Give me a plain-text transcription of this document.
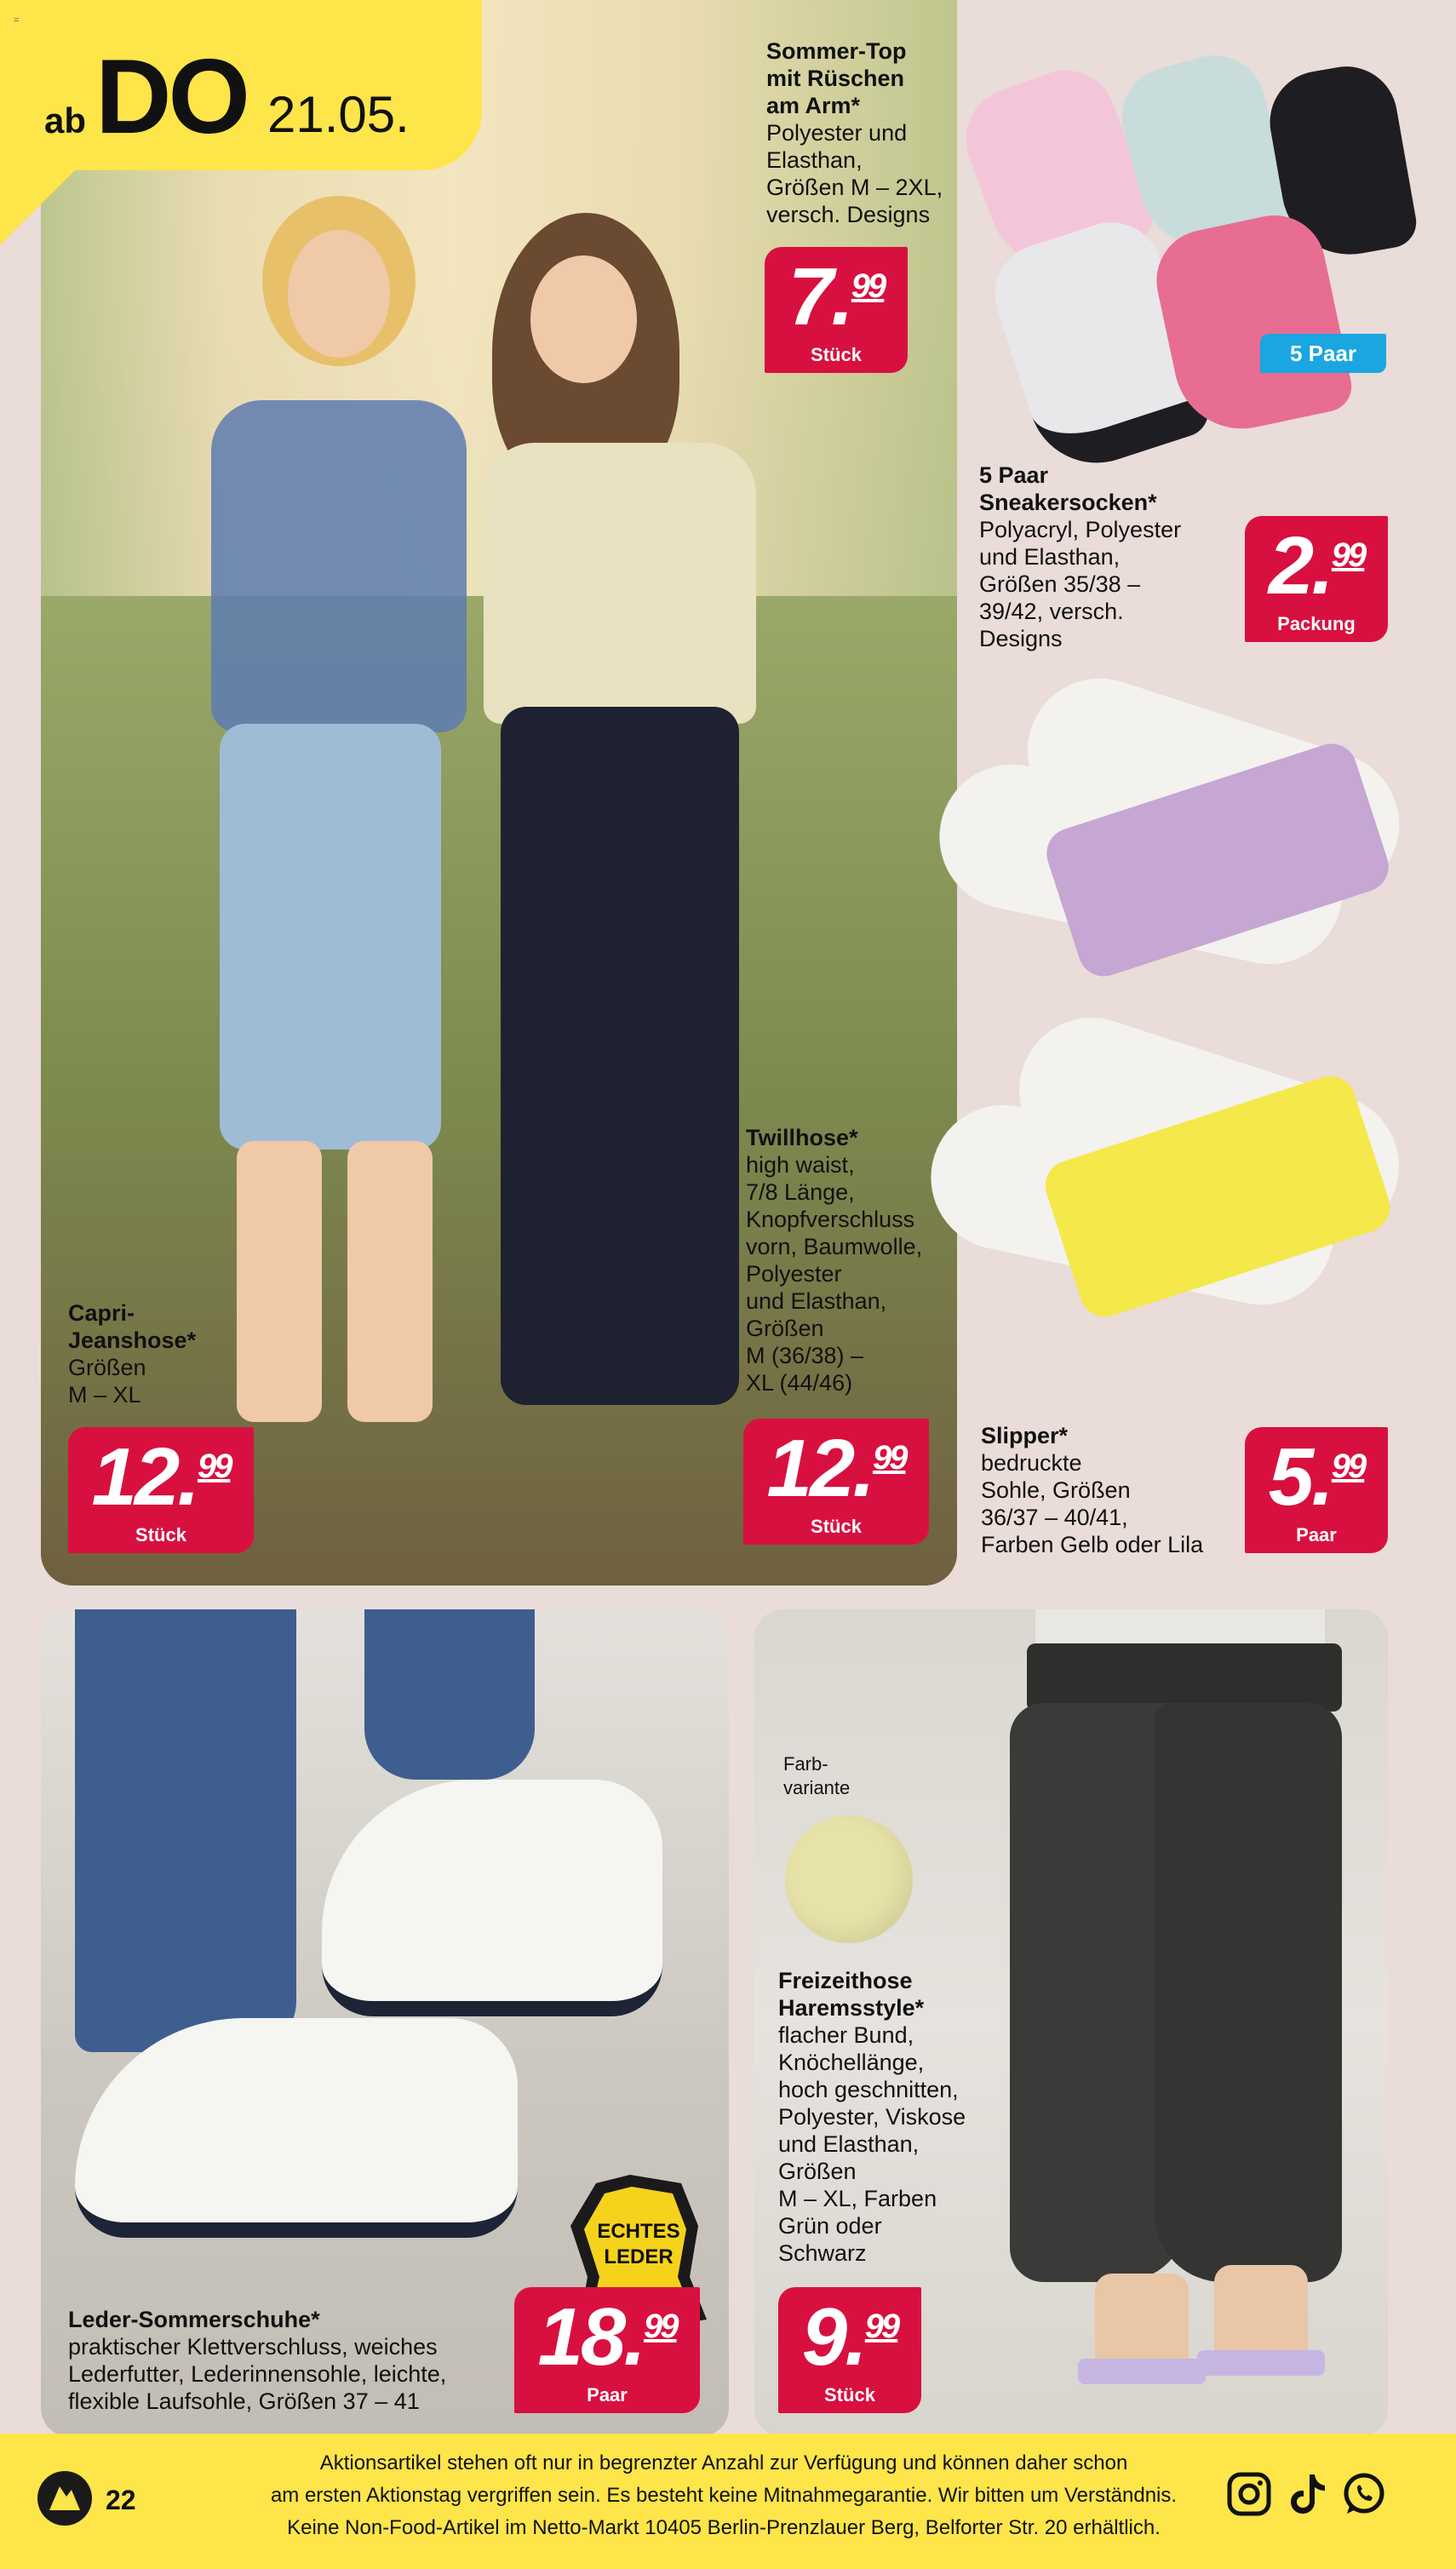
5 Paar
=
ab DO 21.05.
Sommer-Top
mit Rüschen
am Arm*
Polyester und
Elasthan,
Größen M – 2XL,
versch. Designs
7.99
Stück
5 Paar
Sneakersocken*
Polyacryl, Polyester
und Elasthan,
Größen 35/38 –
39/42, versch.
Designs
2.99
Packung
Twillhose*
high waist,
7/8 Länge,
Knopfverschluss
vorn, Baumwolle,
Polyester
und Elasthan,
Größen
M (36/38) –
XL (44/46)
12.99
Stück
Capri-
Jeanshose*
Größen
M – XL
12.99
Stück
Slipper*
bedruckte
Sohle, Größen
36/37 – 40/41,
Farben Gelb oder Lila
5.99
Paar
ECHTES
LEDER
Leder-Sommerschuhe*
praktischer Klettverschluss, weiches
Lederfutter, Lederinnensohle, leichte,
flexible Laufsohle, Größen 37 – 41
18.99
Paar
Farb-
variante
Freizeithose
Haremsstyle*
flacher Bund,
Knöchellänge,
hoch geschnitten,
Polyester, Viskose
und Elasthan,
Größen
M – XL, Farben
Grün oder
Schwarz
9.99
Stück
22
Aktionsartikel stehen oft nur in begrenzter Anzahl zur Verfügung und können daher schon
am ersten Aktionstag vergriffen sein. Es besteht keine Mitnahmegarantie. Wir bitten um Verständnis.
Keine Non-Food-Artikel im Netto-Markt 10405 Berlin-Prenzlauer Berg, Belforter Str. 20 erhältlich.
